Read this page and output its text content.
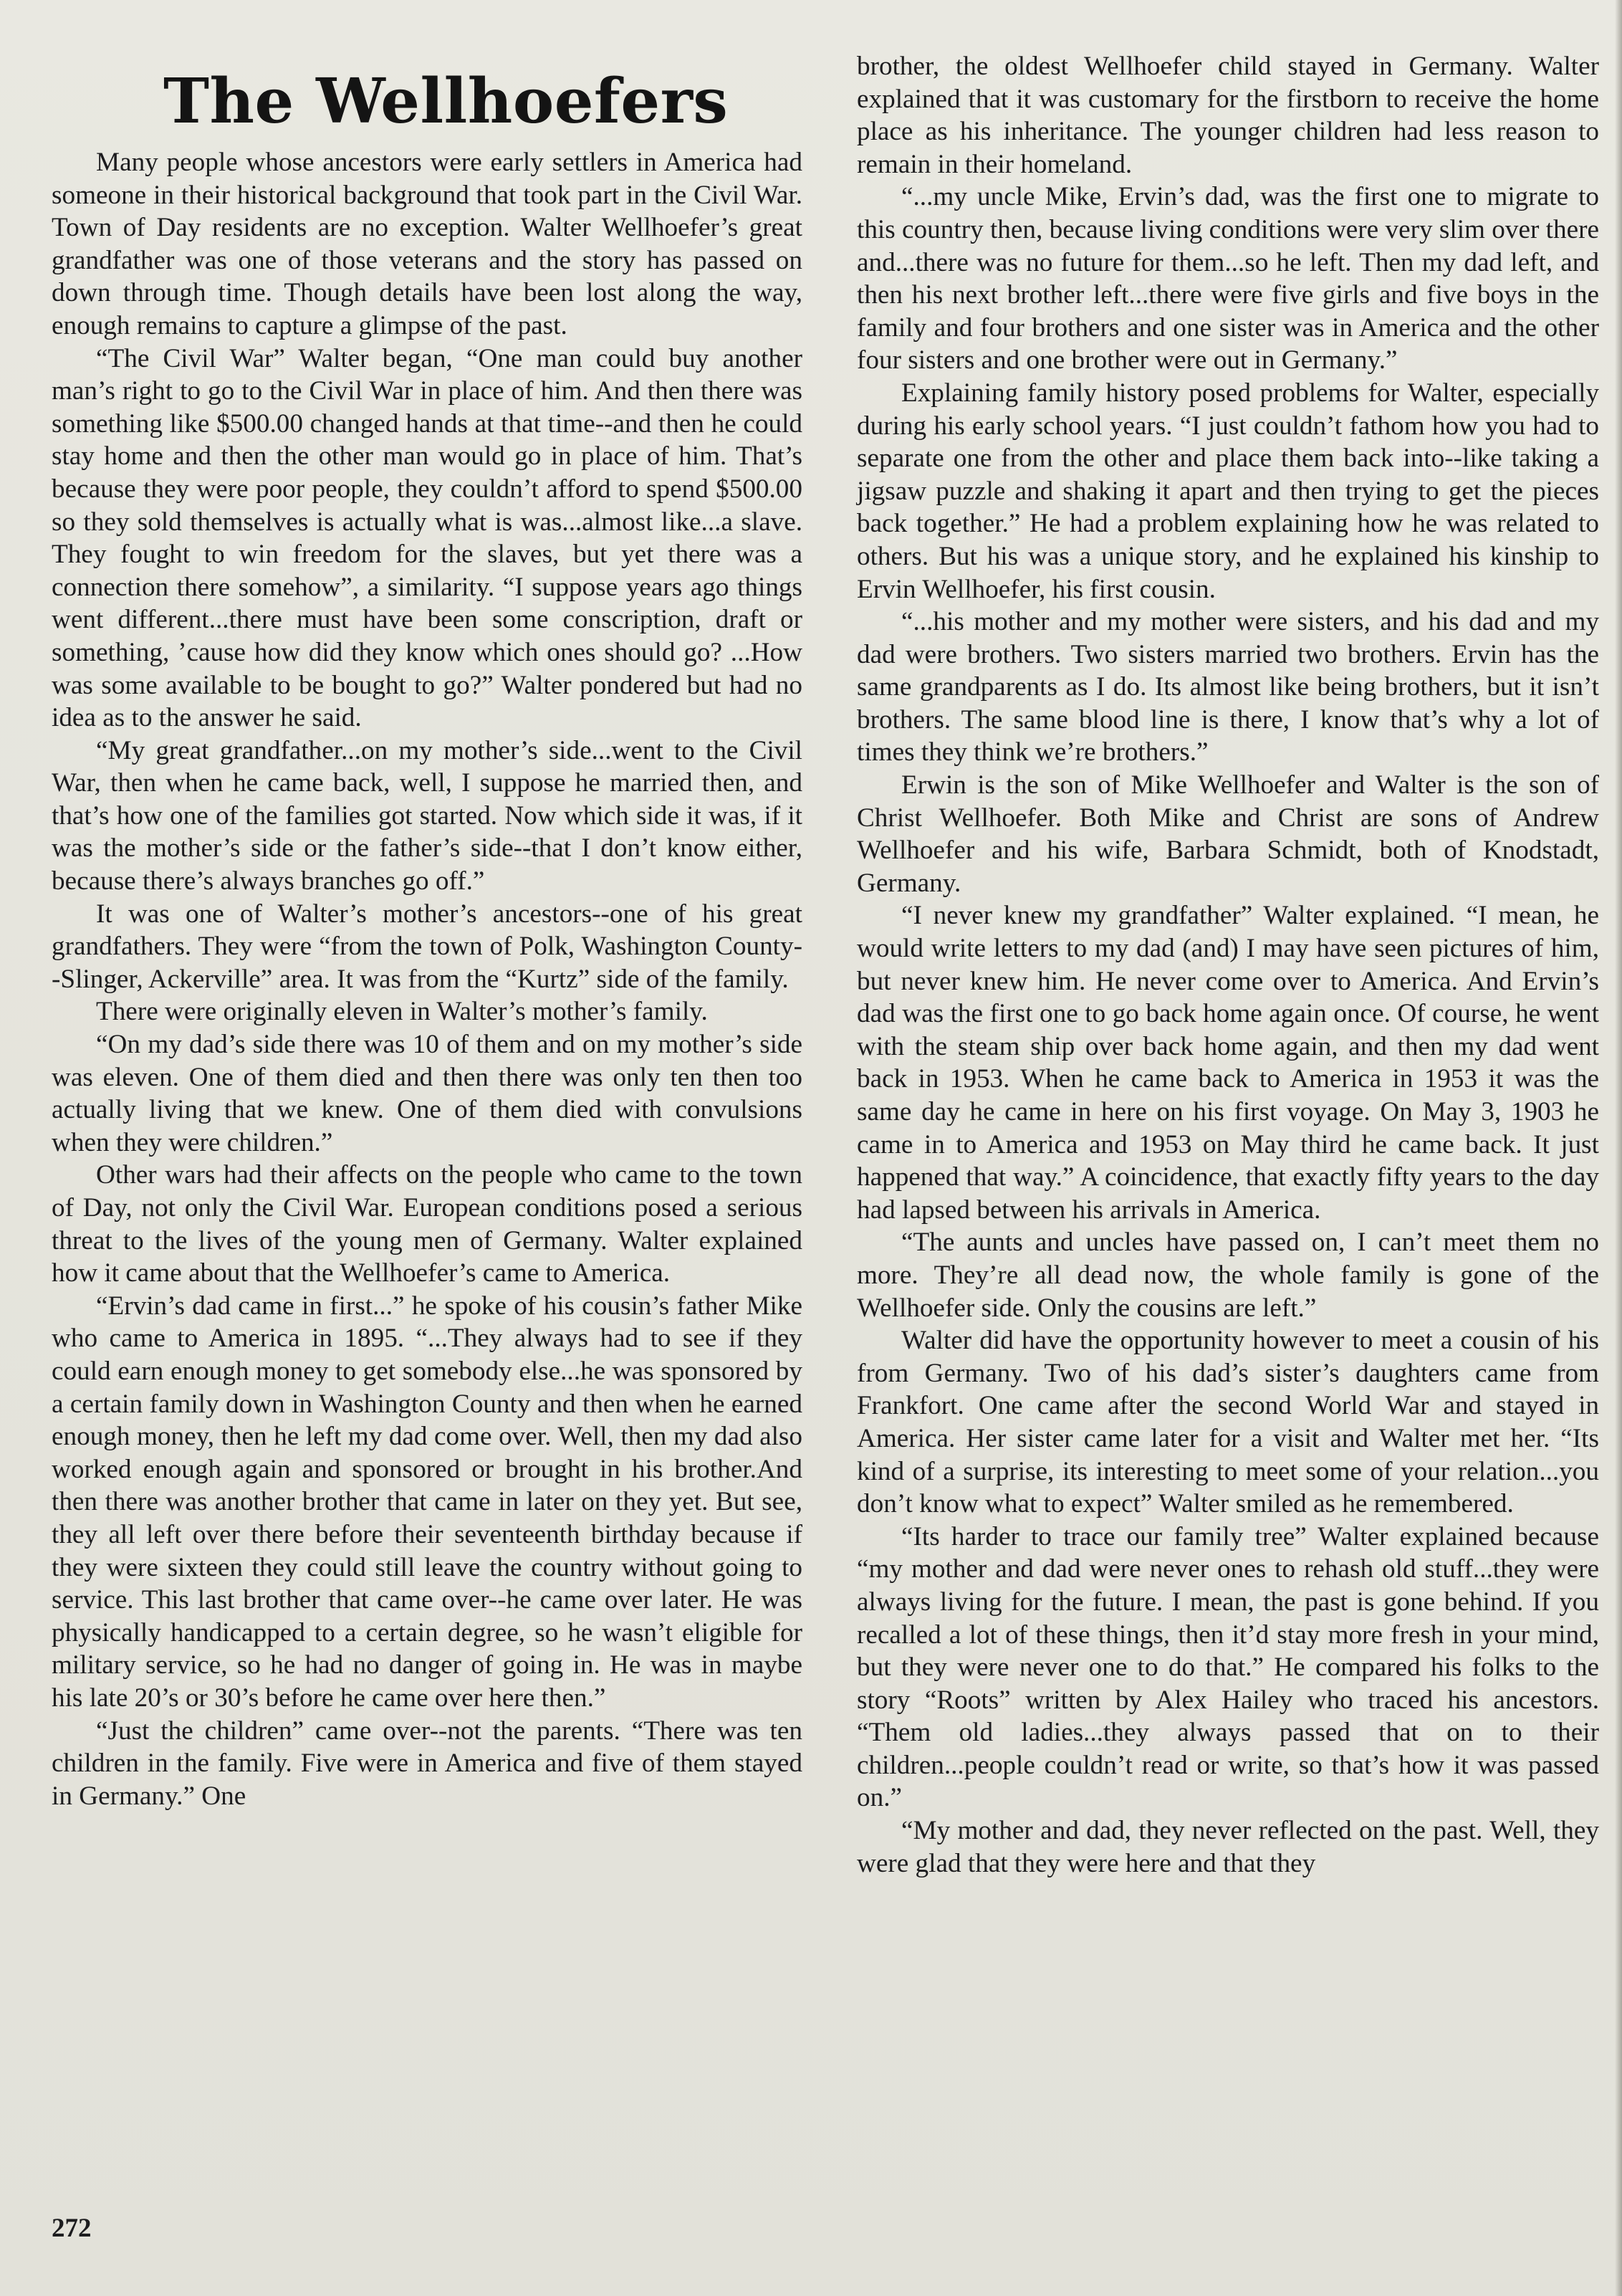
The Wellhoefers

Many people whose ancestors were early settlers in America had someone in their historical background that took part in the Civil War. Town of Day residents are no exception. Walter Wellhoefer’s great grandfather was one of those veterans and the story has passed on down through time. Though details have been lost along the way, enough remains to capture a glimpse of the past.

“The Civil War” Walter began, “One man could buy another man’s right to go to the Civil War in place of him. And then there was something like $500.00 changed hands at that time--and then he could stay home and then the other man would go in place of him. That’s because they were poor people, they couldn’t afford to spend $500.00 so they sold themselves is actually what is was...almost like...a slave. They fought to win freedom for the slaves, but yet there was a connection there somehow”, a similarity. “I suppose years ago things went different...there must have been some conscription, draft or something, ’cause how did they know which ones should go? ...How was some available to be bought to go?” Walter pondered but had no idea as to the answer he said.

“My great grandfather...on my mother’s side...went to the Civil War, then when he came back, well, I suppose he married then, and that’s how one of the families got started. Now which side it was, if it was the mother’s side or the father’s side--that I don’t know either, because there’s always branches go off.”

It was one of Walter’s mother’s ancestors--one of his great grandfathers. They were “from the town of Polk, Washington County--Slinger, Ackerville” area. It was from the “Kurtz” side of the family.

There were originally eleven in Walter’s mother’s family.

“On my dad’s side there was 10 of them and on my mother’s side was eleven. One of them died and then there was only ten then too actually living that we knew. One of them died with convulsions when they were children.”

Other wars had their affects on the people who came to the town of Day, not only the Civil War. European conditions posed a serious threat to the lives of the young men of Germany. Walter explained how it came about that the Wellhoefer’s came to America.

“Ervin’s dad came in first...” he spoke of his cousin’s father Mike who came to America in 1895. “...They always had to see if they could earn enough money to get somebody else...he was sponsored by a certain family down in Washington County and then when he earned enough money, then he left my dad come over. Well, then my dad also worked enough again and sponsored or brought in his brother.And then there was another brother that came in later on they yet. But see, they all left over there before their seventeenth birthday because if they were sixteen they could still leave the country without going to service. This last brother that came over--he came over later. He was physically handicapped to a certain degree, so he wasn’t eligible for military service, so he had no danger of going in. He was in maybe his late 20’s or 30’s before he came over here then.”

“Just the children” came over--not the parents. “There was ten children in the family. Five were in America and five of them stayed in Germany.” One

brother, the oldest Wellhoefer child stayed in Germany. Walter explained that it was customary for the firstborn to receive the home place as his inheritance. The younger children had less reason to remain in their homeland.

“...my uncle Mike, Ervin’s dad, was the first one to migrate to this country then, because living conditions were very slim over there and...there was no future for them...so he left. Then my dad left, and then his next brother left...there were five girls and five boys in the family and four brothers and one sister was in America and the other four sisters and one brother were out in Germany.”

Explaining family history posed problems for Walter, especially during his early school years. “I just couldn’t fathom how you had to separate one from the other and place them back into--like taking a jigsaw puzzle and shaking it apart and then trying to get the pieces back together.” He had a problem explaining how he was related to others. But his was a unique story, and he explained his kinship to Ervin Wellhoefer, his first cousin.

“...his mother and my mother were sisters, and his dad and my dad were brothers. Two sisters married two brothers. Ervin has the same grandparents as I do. Its almost like being brothers, but it isn’t brothers. The same blood line is there, I know that’s why a lot of times they think we’re brothers.”

Erwin is the son of Mike Wellhoefer and Walter is the son of Christ Wellhoefer. Both Mike and Christ are sons of Andrew Wellhoefer and his wife, Barbara Schmidt, both of Knodstadt, Germany.

“I never knew my grandfather” Walter explained. “I mean, he would write letters to my dad (and) I may have seen pictures of him, but never knew him. He never come over to America. And Ervin’s dad was the first one to go back home again once. Of course, he went with the steam ship over back home again, and then my dad went back in 1953. When he came back to America in 1953 it was the same day he came in here on his first voyage. On May 3, 1903 he came in to America and 1953 on May third he came back. It just happened that way.” A coincidence, that exactly fifty years to the day had lapsed between his arrivals in America.

“The aunts and uncles have passed on, I can’t meet them no more. They’re all dead now, the whole family is gone of the Wellhoefer side. Only the cousins are left.”

Walter did have the opportunity however to meet a cousin of his from Germany. Two of his dad’s sister’s daughters came from Frankfort. One came after the second World War and stayed in America. Her sister came later for a visit and Walter met her. “Its kind of a surprise, its interesting to meet some of your relation...you don’t know what to expect” Walter smiled as he remembered.

“Its harder to trace our family tree” Walter explained because “my mother and dad were never ones to rehash old stuff...they were always living for the future. I mean, the past is gone behind. If you recalled a lot of these things, then it’d stay more fresh in your mind, but they were never one to do that.” He compared his folks to the story “Roots” written by Alex Hailey who traced his ancestors. “Them old ladies...they always passed that on to their children...people couldn’t read or write, so that’s how it was passed on.”

“My mother and dad, they never reflected on the past. Well, they were glad that they were here and that they

272
